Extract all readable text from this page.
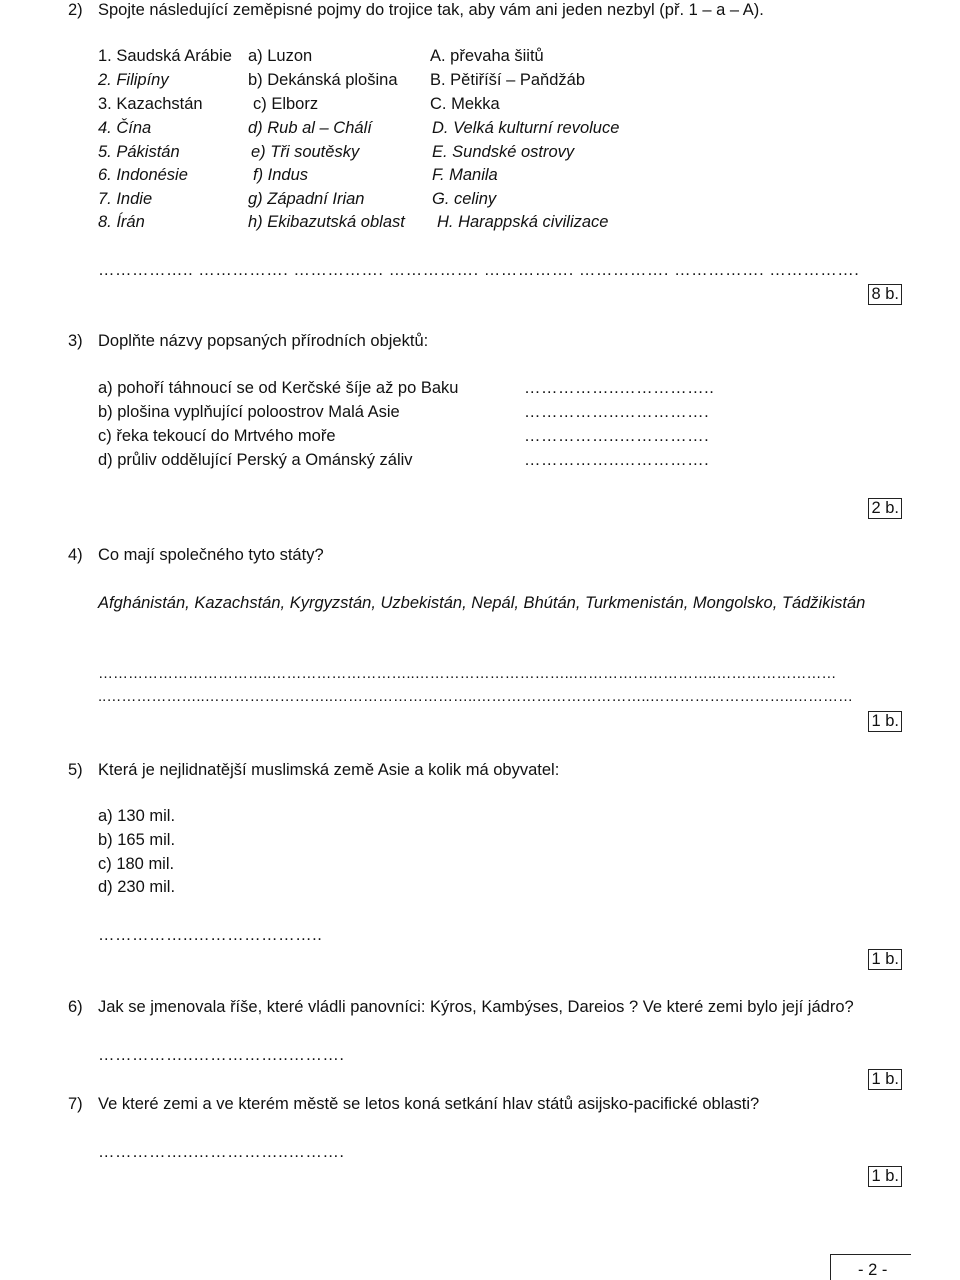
2) Spojte následující zeměpisné pojmy do trojice tak, aby vám ani jeden nezbyl (př. 1 – a – A).
1. Saudská Arábie
2. Filipíny
3. Kazachstán
4. Čína
5. Pákistán
6. Indonésie
7. Indie
8. Írán
a) Luzon
b) Dekánská plošina
c) Elborz
d) Rub al – Chálí
e) Tři soutěsky
f) Indus
g) Západní Irian
h) Ekibazutská oblast
A. převaha šiitů
B. Pětiříší – Paňdžáb
C. Mekka
D. Velká kulturní revoluce
E. Sundské ostrovy
F. Manila
G. celiny
H. Harappská civilizace
…………….. ……………. ……………. ……………. ……………. ……………. ……………. …………….
8 b.
3) Doplňte názvy popsaných přírodních objektů:
a) pohoří táhnoucí se od Kerčské šíje až po Baku
b) plošina vyplňující poloostrov Malá Asie
c) řeka tekoucí do Mrtvého moře
d) průliv oddělující Perský a Ománský záliv
……………..……………..
……………..…………….
……………..…………….
……………..…………….
2 b.
4) Co mají společného tyto státy?
Afghánistán, Kazachstán, Kyrgyzstán, Uzbekistán, Nepál, Bhútán, Turkmenistán, Mongolsko, Tádžikistán
……………………………..………………………..…………………………..………………………..……………………
..………………..……………………..………………………..……………………………..………………………..…………
1 b.
5) Která je nejlidnatější muslimská země Asie a kolik má obyvatel:
a) 130 mil.
b) 165 mil.
c) 180 mil.
d) 230 mil.
……………..…………………..
1 b.
6) Jak se jmenovala říše, které vládli panovníci: Kýros, Kambýses, Dareios ? Ve které zemi bylo její jádro?
……………..……………..……….
1 b.
7) Ve které zemi a ve kterém městě se letos koná setkání hlav států asijsko-pacifické oblasti?
……………..……………..……….
1 b.
- 2 -
